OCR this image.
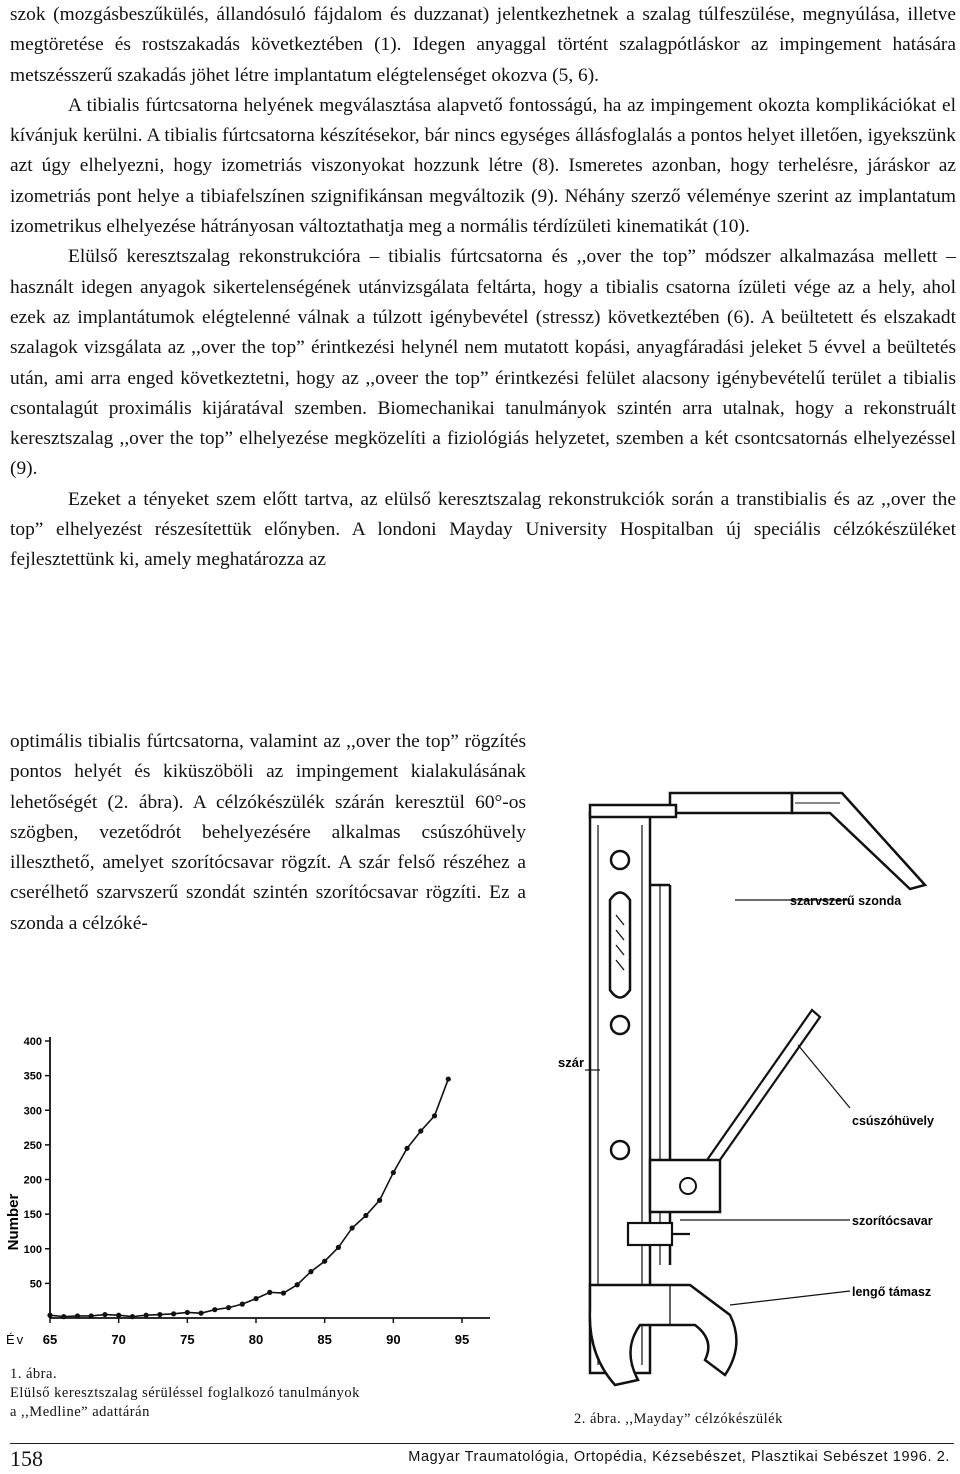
szok (mozgásbeszűkülés, állandósuló fájdalom és duzzanat) jelentkezhetnek a szalag túlfeszülése, megnyúlása, illetve megtöretése és rostszakadás következtében (1). Idegen anyaggal történt szalagpótláskor az impingement hatására metszésszerű szakadás jöhet létre implantatum elégtelenséget okozva (5, 6).

A tibialis fúrtcsatorna helyének megválasztása alapvető fontosságú, ha az impingement okozta komplikációkat el kívánjuk kerülni. A tibialis fúrtcsatorna készítésekor, bár nincs egységes állásfoglalás a pontos helyet illetően, igyekszünk azt úgy elhelyezni, hogy izometriás viszonyokat hozzunk létre (8). Ismeretes azonban, hogy terhelésre, járáskor az izometriás pont helye a tibiafelszínen szignifikánsan megváltozik (9). Néhány szerző véleménye szerint az implantatum izometrikus elhelyezése hátrányosan változtathatja meg a normális térdízületi kinematikát (10).

Elülső keresztszalag rekonstrukcióra – tibialis fúrtcsatorna és ,,over the top” módszer alkalmazása mellett – használt idegen anyagok sikertelenségének utánvizsgálata feltárta, hogy a tibialis csatorna ízületi vége az a hely, ahol ezek az implantátumok elégtelenné válnak a túlzott igénybevétel (stressz) következtében (6). A beültetett és elszakadt szalagok vizsgálata az ,,over the top” érintkezési helynél nem mutatott kopási, anyagfáradási jeleket 5 évvel a beültetés után, ami arra enged következtetni, hogy az ,,oveer the top” érintkezési felület alacsony igénybevételű terület a tibialis csontalagút proximális kijáratával szemben. Biomechanikai tanulmányok szintén arra utalnak, hogy a rekonstruált keresztszalag ,,over the top” elhelyezése megközelíti a fiziológiás helyzetet, szemben a két csontcsatornás elhelyezéssel (9).

Ezeket a tényeket szem előtt tartva, az elülső keresztszalag rekonstrukciók során a transtibialis és az ,,over the top” elhelyezést részesítettük előnyben. A londoni Mayday University Hospitalban új speciális célzókészüléket fejlesztettünk ki, amely meghatározza az

optimális tibialis fúrtcsatorna, valamint az ,,over the top” rögzítés pontos helyét és kiküszöböli az impingement kialakulásának lehetőségét (2. ábra). A célzókészülék szárán keresztül 60°-os szögben, vezetődrót behelyezésére alkalmas csúszóhüvely illeszthető, amelyet szorítócsavar rögzít. A szár felső részéhez a cserélhető szarvszerű szondát szintén szorítócsavar rögzíti. Ez a szonda a célzóké-

50
100
150
200
250
300
350
400
65	70	75	80	85	90	95
Number
Év
1. ábra.
Elülső keresztszalag sérüléssel foglalkozó tanulmányok
a ,,Medline” adattárán
szarvszerű szonda
szár
csúszóhüvely
szorítócsavar
lengő támasz
2. ábra. ,,Mayday” célzókészülék
158	Magyar Traumatológia, Ortopédia, Kézsebészet, Plasztikai Sebészet 1996. 2.
